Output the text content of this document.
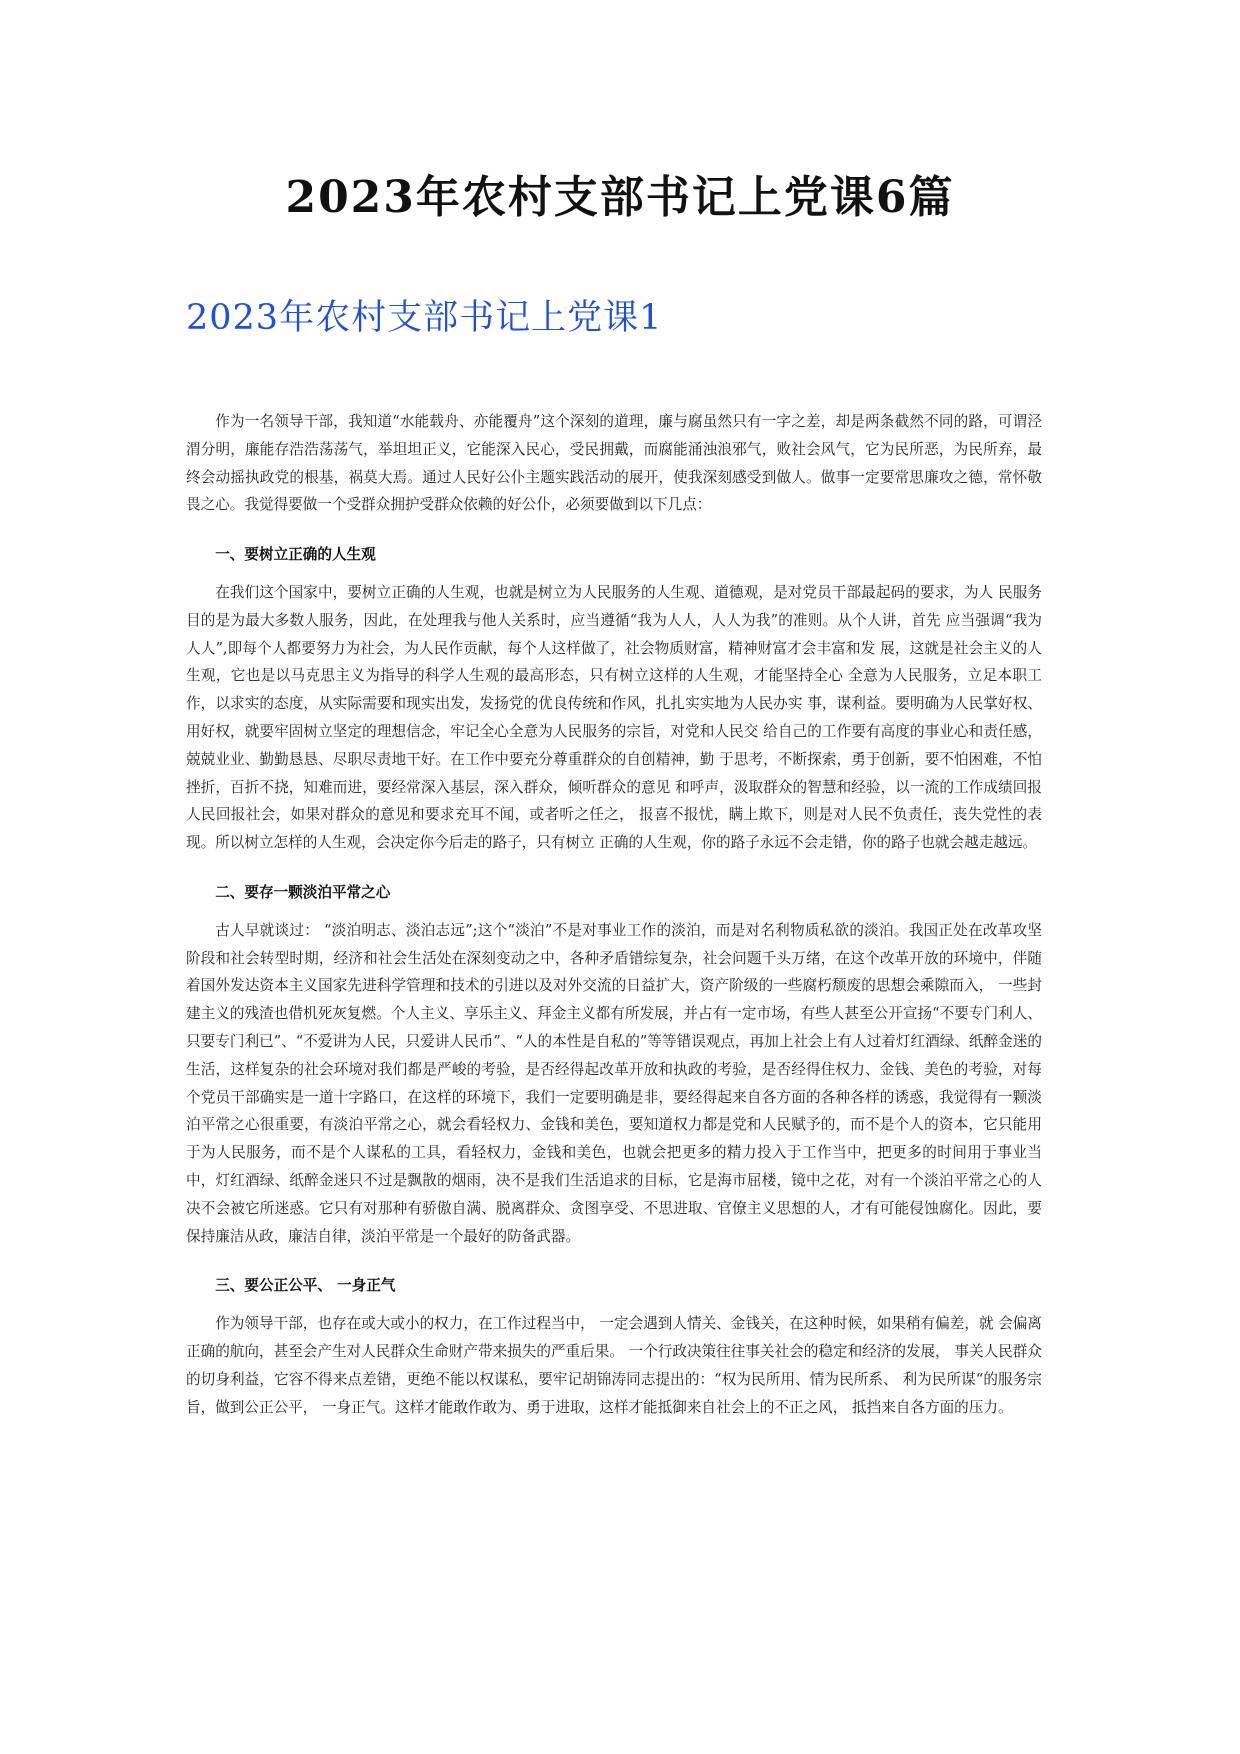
2023年农村支部书记上党课6篇
2023年农村支部书记上党课1

作为一名领导干部，我知道“水能载舟、亦能覆舟”这个深刻的道理，廉与腐虽然只有一字之差，却是两条截然不同的路，可谓泾渭分明，廉能存浩浩荡荡气，举坦坦正义，它能深入民心，受民拥戴，而腐能涌浊浪邪气，败社会风气，它为民所恶，为民所弃，最终会动摇执政党的根基，祸莫大焉。通过人民好公仆主题实践活动的展开，使我深刻感受到做人。做事一定要常思廉攻之德，常怀敬畏之心。我觉得要做一个受群众拥护受群众依赖的好公仆，必须要做到以下几点：

一、要树立正确的人生观

在我们这个国家中，要树立正确的人生观，也就是树立为人民服务的人生观、道德观，是对党员干部最起码的要求，为人 民服务目的是为最大多数人服务，因此，在处理我与他人关系时，应当遵循“我为人人，人人为我”的准则。从个人讲，首先 应当强调“我为人人”,即每个人都要努力为社会，为人民作贡献，每个人这样做了，社会物质财富，精神财富才会丰富和发 展，这就是社会主义的人生观，它也是以马克思主义为指导的科学人生观的最高形态，只有树立这样的人生观，才能坚持全心 全意为人民服务，立足本职工作，以求实的态度，从实际需要和现实出发，发扬党的优良传统和作风，扎扎实实地为人民办实 事，谋利益。要明确为人民掌好权、用好权，就要牢固树立坚定的理想信念，牢记全心全意为人民服务的宗旨，对党和人民交 给自己的工作要有高度的事业心和责任感，兢兢业业、勤勤恳恳、尽职尽责地干好。在工作中要充分尊重群众的自创精神，勤 于思考，不断探索，勇于创新，要不怕困难，不怕挫折，百折不挠，知难而进，要经常深入基层，深入群众，倾听群众的意见 和呼声，汲取群众的智慧和经验，以一流的工作成绩回报人民回报社会，如果对群众的意见和要求充耳不闻，或者听之任之， 报喜不报忧，瞒上欺下，则是对人民不负责任，丧失党性的表现。所以树立怎样的人生观，会决定你今后走的路子，只有树立 正确的人生观，你的路子永远不会走错，你的路子也就会越走越远。

二、要存一颗淡泊平常之心

古人早就谈过： “淡泊明志、淡泊志远”;这个“淡泊”不是对事业工作的淡泊，而是对名利物质私欲的淡泊。我国正处在改革攻坚阶段和社会转型时期，经济和社会生活处在深刻变动之中，各种矛盾错综复杂，社会问题千头万绪，在这个改革开放的环境中，伴随着国外发达资本主义国家先进科学管理和技术的引进以及对外交流的日益扩大，资产阶级的一些腐朽颓废的思想会乘隙而入， 一些封建主义的残渣也借机死灰复燃。个人主义、享乐主义、拜金主义都有所发展，并占有一定市场，有些人甚至公开宣扬“不要专门利人、只要专门利已”、“不爱讲为人民，只爱讲人民币”、“人的本性是自私的”等等错误观点，再加上社会上有人过着灯红酒绿、纸醉金迷的生活，这样复杂的社会环境对我们都是严峻的考验，是否经得起改革开放和执政的考验，是否经得住权力、金钱、美色的考验，对每个党员干部确实是一道十字路口，在这样的环境下，我们一定要明确是非，要经得起来自各方面的各种各样的诱惑，我觉得有一颗淡泊平常之心很重要，有淡泊平常之心，就会看轻权力、金钱和美色，要知道权力都是党和人民赋予的，而不是个人的资本，它只能用于为人民服务，而不是个人谋私的工具，看轻权力，金钱和美色，也就会把更多的精力投入于工作当中，把更多的时间用于事业当中，灯红酒绿、纸醉金迷只不过是飘散的烟雨，决不是我们生活追求的目标，它是海市屈楼，镜中之花，对有一个淡泊平常之心的人决不会被它所迷惑。它只有对那种有骄傲自满、脱离群众、贪图享受、不思进取、官僚主义思想的人，才有可能侵蚀腐化。因此，要保持廉洁从政，廉洁自律，淡泊平常是一个最好的防备武器。

三、要公正公平、 一身正气

作为领导干部，也存在或大或小的权力，在工作过程当中， 一定会遇到人情关、金钱关，在这种时候，如果稍有偏差，就 会偏离正确的航向，甚至会产生对人民群众生命财产带来损失的严重后果。 一个行政决策往往事关社会的稳定和经济的发展， 事关人民群众的切身利益，它容不得来点差错，更绝不能以权谋私，要牢记胡锦涛同志提出的：“权为民所用、情为民所系、 利为民所谋“的服务宗旨，做到公正公平， 一身正气。这样才能敢作敢为、勇于进取，这样才能抵御来自社会上的不正之风， 抵挡来自各方面的压力。
